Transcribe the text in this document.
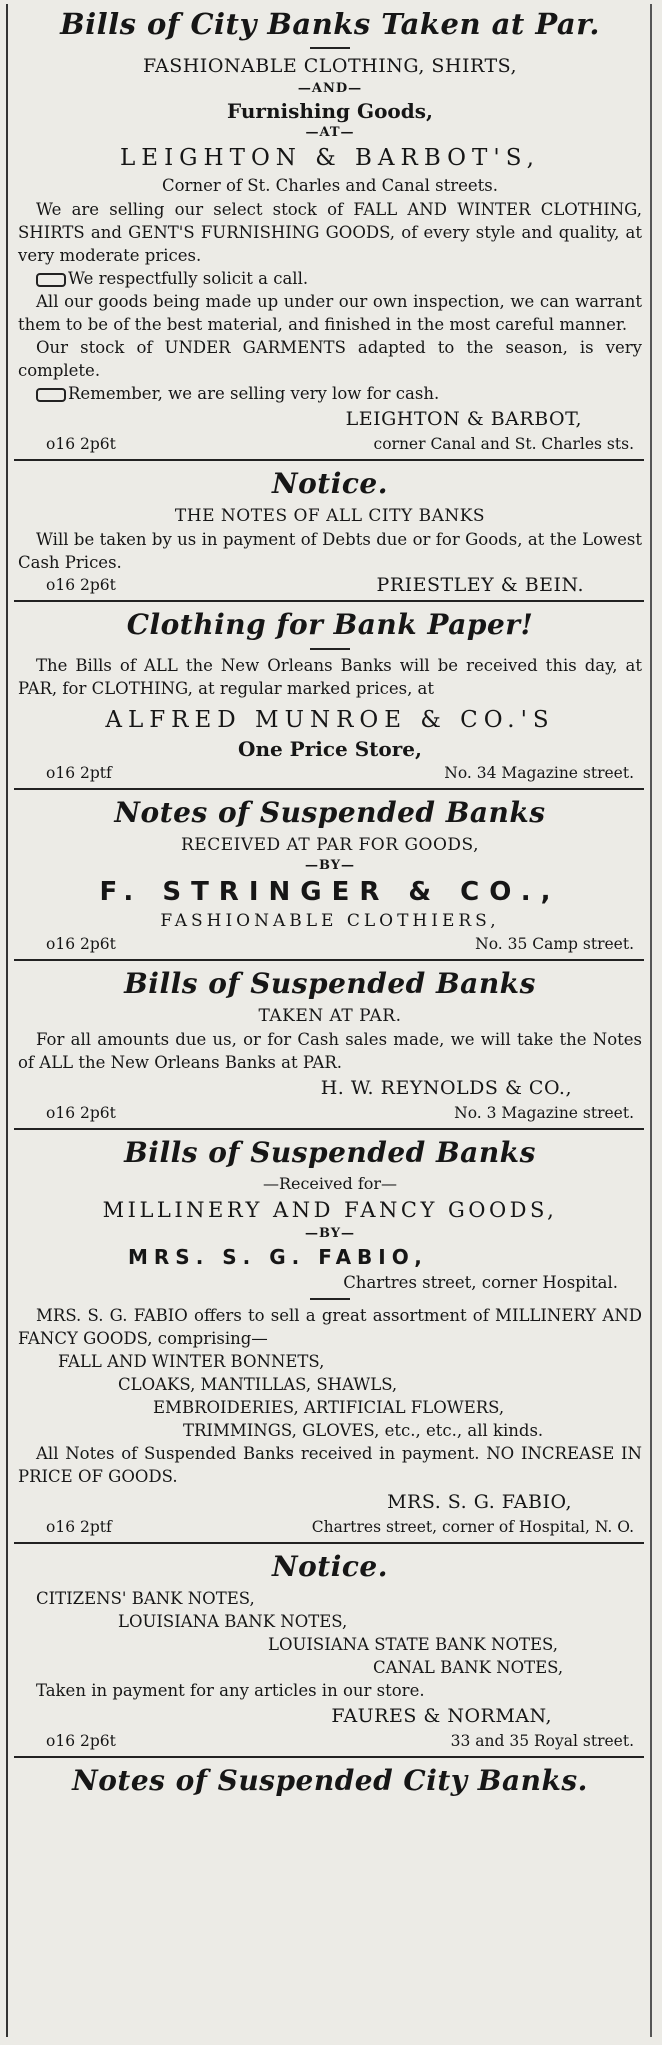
Bills of City Banks Taken at Par.
FASHIONABLE CLOTHING, SHIRTS,
—AND—
Furnishing Goods,
—AT—
LEIGHTON & BARBOT'S,
Corner of St. Charles and Canal streets.

We are selling our select stock of FALL AND WINTER CLOTHING, SHIRTS and GENT'S FURNISHING GOODS, of every style and quality, at very moderate prices.

We respectfully solicit a call.

All our goods being made up under our own inspection, we can warrant them to be of the best material, and finished in the most careful manner.

Our stock of UNDER GARMENTS adapted to the season, is very complete.

Remember, we are selling very low for cash.

LEIGHTON & BARBOT,
o16 2p6t	corner Canal and St. Charles sts.
Notice.
THE NOTES OF ALL CITY BANKS

Will be taken by us in payment of Debts due or for Goods, at the Lowest Cash Prices.

o16 2p6t	PRIESTLEY & BEIN.
Clothing for Bank Paper!

The Bills of ALL the New Orleans Banks will be received this day, at PAR, for CLOTHING, at regular marked prices, at

ALFRED MUNROE & CO.'S
One Price Store,
o16 2ptf	No. 34 Magazine street.
Notes of Suspended Banks
RECEIVED AT PAR FOR GOODS,
—BY—
F. STRINGER & CO.,
FASHIONABLE CLOTHIERS,
o16 2p6t	No. 35 Camp street.
Bills of Suspended Banks
TAKEN AT PAR.

For all amounts due us, or for Cash sales made, we will take the Notes of ALL the New Orleans Banks at PAR.

H. W. REYNOLDS & CO.,
o16 2p6t	No. 3 Magazine street.
Bills of Suspended Banks
—Received for—
MILLINERY AND FANCY GOODS,
—BY—
MRS. S. G. FABIO,
Chartres street, corner Hospital.

MRS. S. G. FABIO offers to sell a great assortment of MILLINERY AND FANCY GOODS, comprising—

FALL AND WINTER BONNETS,
CLOAKS, MANTILLAS, SHAWLS,
EMBROIDERIES, ARTIFICIAL FLOWERS,
TRIMMINGS, GLOVES, etc., etc., all kinds.

All Notes of Suspended Banks received in payment. NO INCREASE IN PRICE OF GOODS.

MRS. S. G. FABIO,
o16 2ptf	Chartres street, corner of Hospital, N. O.
Notice.
CITIZENS' BANK NOTES,
LOUISIANA BANK NOTES,
LOUISIANA STATE BANK NOTES,
CANAL BANK NOTES,

Taken in payment for any articles in our store.

FAURES & NORMAN,
o16 2p6t	33 and 35 Royal street.
Notes of Suspended City Banks.
